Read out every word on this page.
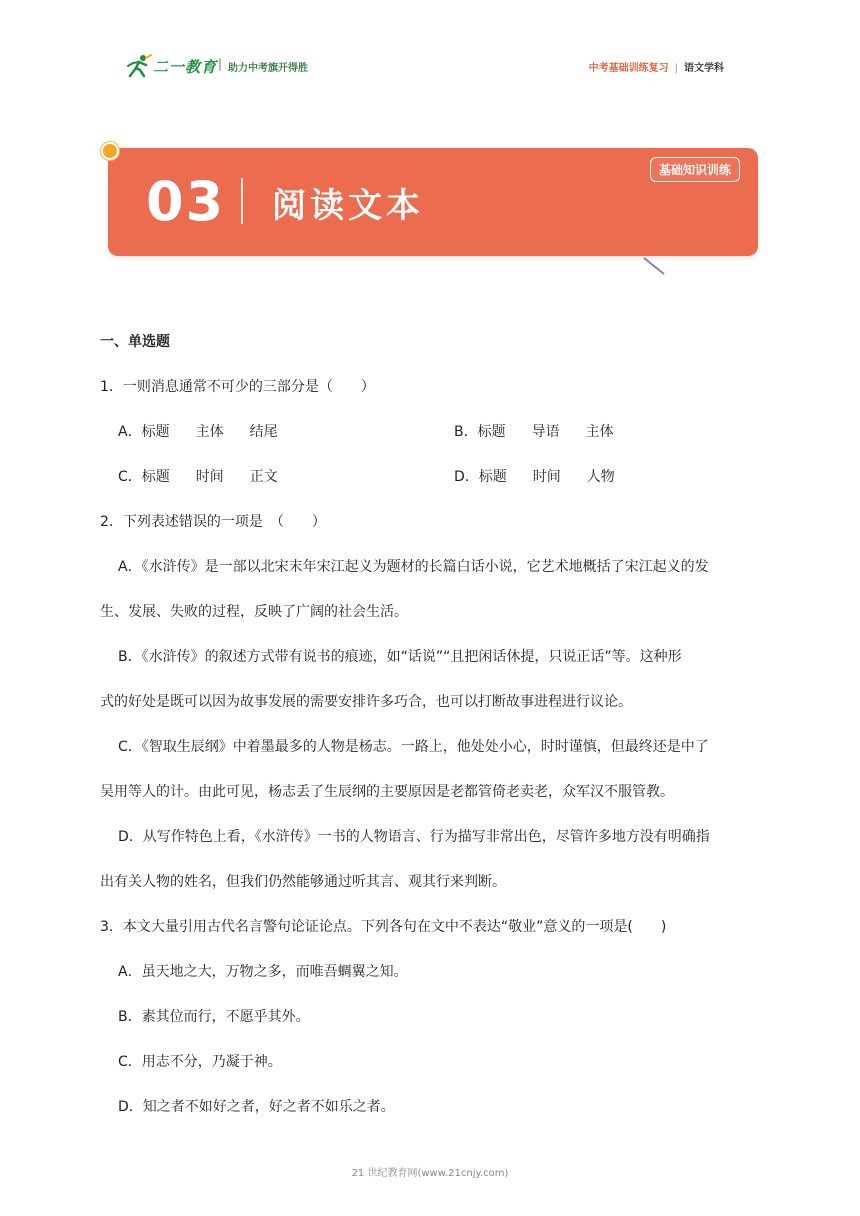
二一教育 | 助力中考旗开得胜	中考基础训练复习 | 语文学科
03 阅读文本
基础知识训练
一、单选题
1．一则消息通常不可少的三部分是（　　）
A．标题 主体 结尾	B．标题 导语 主体
C．标题 时间 正文	D．标题 时间 人物
2．下列表述错误的一项是　（　　）
A．《水浒传》是一部以北宋末年宋江起义为题材的长篇白话小说，它艺术地概括了宋江起义的发
生、发展、失败的过程，反映了广阔的社会生活。
B．《水浒传》的叙述方式带有说书的痕迹，如“话说”“且把闲话休提，只说正话”等。这种形
式的好处是既可以因为故事发展的需要安排许多巧合，也可以打断故事进程进行议论。
C．《智取生辰纲》中着墨最多的人物是杨志。一路上，他处处小心，时时谨慎，但最终还是中了
吴用等人的计。由此可见，杨志丢了生辰纲的主要原因是老都管倚老卖老，众军汉不服管教。
D．从写作特色上看，《水浒传》一书的人物语言、行为描写非常出色，尽管许多地方没有明确指
出有关人物的姓名，但我们仍然能够通过听其言、观其行来判断。
3．本文大量引用古代名言警句论证论点。下列各句在文中不表达“敬业”意义的一项是(　　)
A．虽天地之大，万物之多，而唯吾蜩翼之知。
B．素其位而行，不愿乎其外。
C．用志不分，乃凝于神。
D．知之者不如好之者，好之者不如乐之者。
21 世纪教育网(www.21cnjy.com)
